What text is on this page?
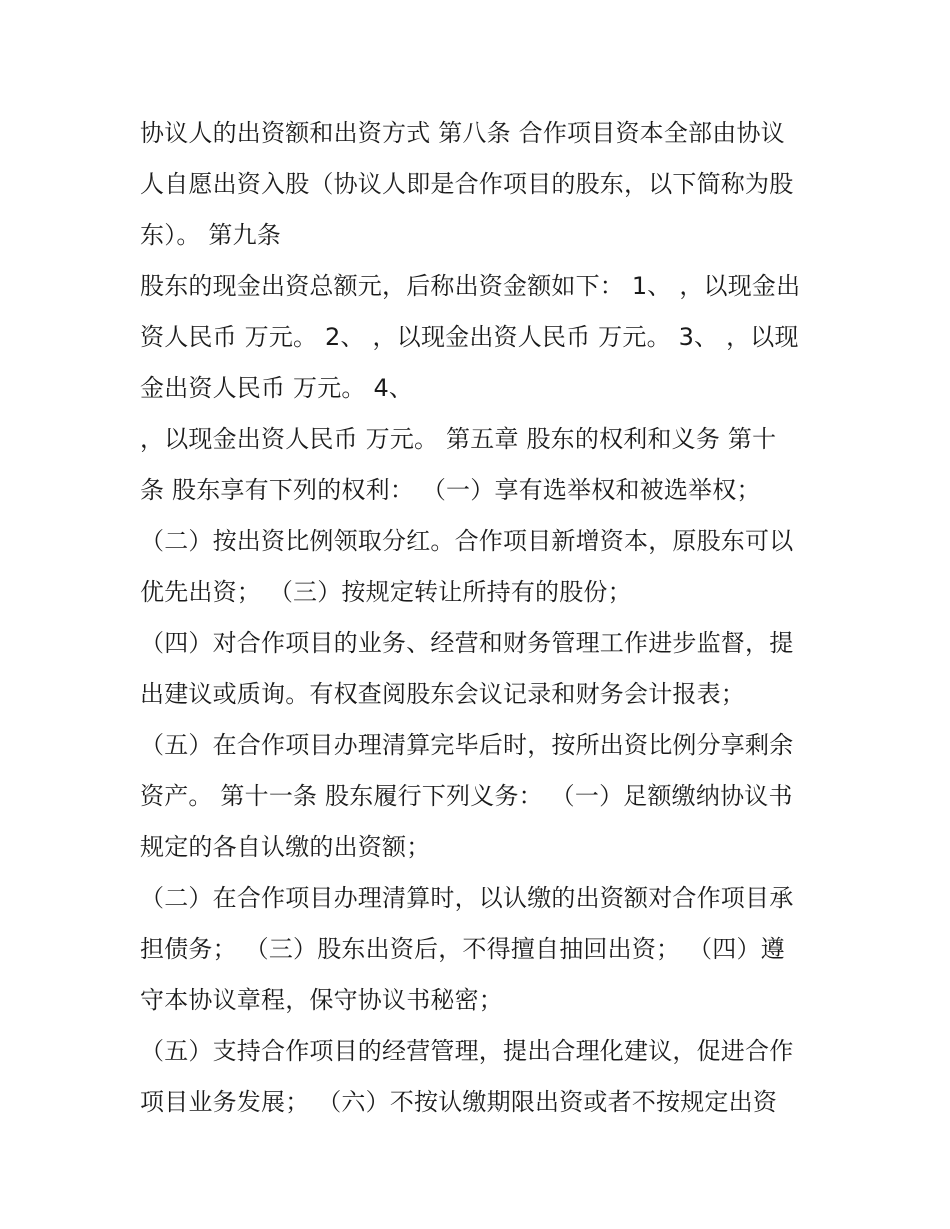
协议人的出资额和出资方式 第八条 合作项目资本全部由协议
人自愿出资入股（协议人即是合作项目的股东，以下简称为股
东）。 第九条
股东的现金出资总额元，后称出资金额如下： 1、 ，以现金出
资人民币 万元。 2、 ，以现金出资人民币 万元。 3、 ，以现
金出资人民币 万元。 4、
，以现金出资人民币 万元。 第五章 股东的权利和义务 第十
条 股东享有下列的权利： （一）享有选举权和被选举权；
（二）按出资比例领取分红。合作项目新增资本，原股东可以
优先出资； （三）按规定转让所持有的股份；
（四）对合作项目的业务、经营和财务管理工作进步监督，提
出建议或质询。有权查阅股东会议记录和财务会计报表；
（五）在合作项目办理清算完毕后时，按所出资比例分享剩余
资产。 第十一条 股东履行下列义务： （一）足额缴纳协议书
规定的各自认缴的出资额；
（二）在合作项目办理清算时，以认缴的出资额对合作项目承
担债务； （三）股东出资后，不得擅自抽回出资； （四）遵
守本协议章程，保守协议书秘密；
（五）支持合作项目的经营管理，提出合理化建议，促进合作
项目业务发展； （六）不按认缴期限出资或者不按规定出资
